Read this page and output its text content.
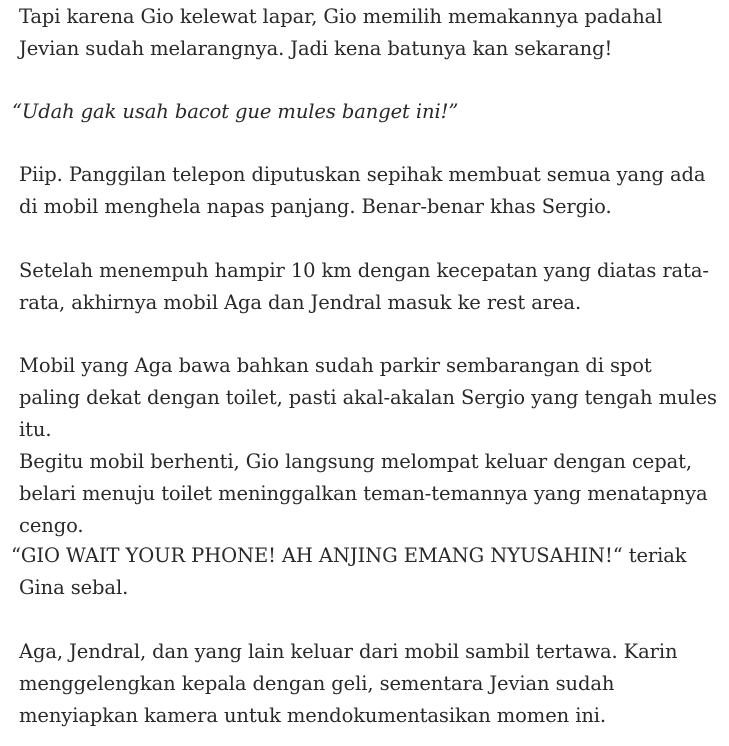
Tapi karena Gio kelewat lapar, Gio memilih memakannya padahal Jevian sudah melarangnya. Jadi kena batunya kan sekarang!

“Udah gak usah bacot gue mules banget ini!”

Piip. Panggilan telepon diputuskan sepihak membuat semua yang ada di mobil menghela napas panjang. Benar-benar khas Sergio.

Setelah menempuh hampir 10 km dengan kecepatan yang diatas rata-rata, akhirnya mobil Aga dan Jendral masuk ke rest area.

Mobil yang Aga bawa bahkan sudah parkir sembarangan di spot paling dekat dengan toilet, pasti akal-akalan Sergio yang tengah mules itu.

Begitu mobil berhenti, Gio langsung melompat keluar dengan cepat, belari menuju toilet meninggalkan teman-temannya yang menatapnya cengo.

“GIO WAIT YOUR PHONE! AH ANJING EMANG NYUSAHIN!“ teriak Gina sebal.

Aga, Jendral, dan yang lain keluar dari mobil sambil tertawa. Karin menggelengkan kepala dengan geli, sementara Jevian sudah menyiapkan kamera untuk mendokumentasikan momen ini.
